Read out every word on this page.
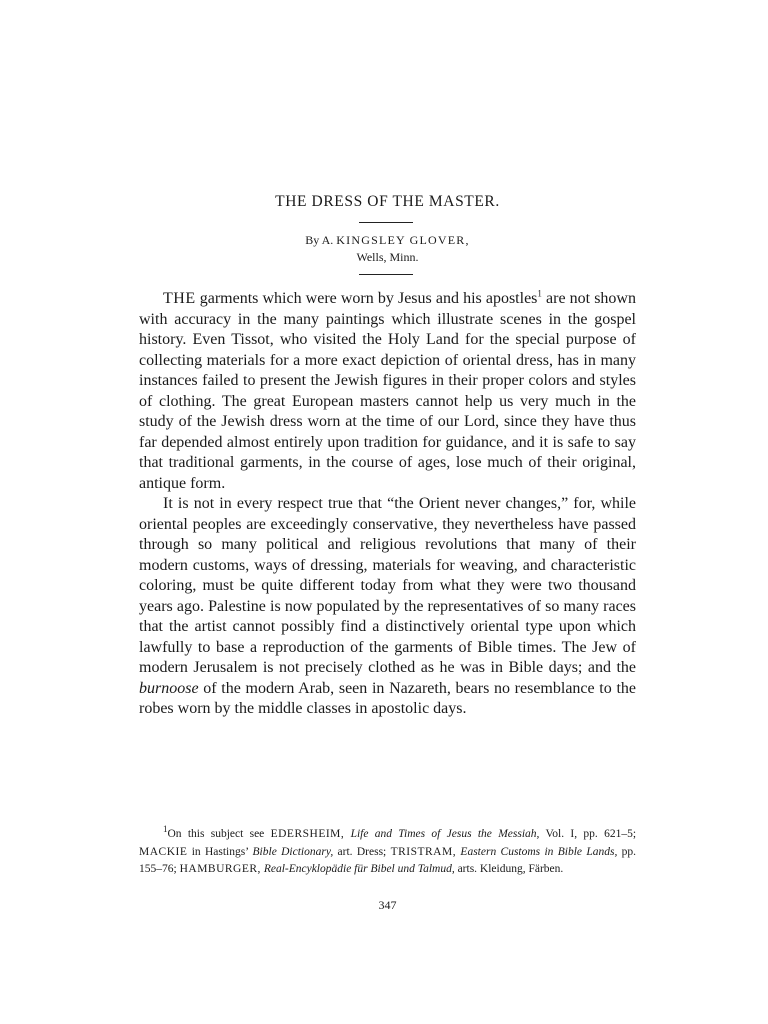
THE DRESS OF THE MASTER.
By A. KINGSLEY GLOVER,
Wells, Minn.

THE garments which were worn by Jesus and his apostles$^1$ are not shown with accuracy in the many paintings which illustrate scenes in the gospel history. Even Tissot, who visited the Holy Land for the special purpose of collecting materials for a more exact depiction of oriental dress, has in many instances failed to present the Jewish figures in their proper colors and styles of clothing. The great European masters cannot help us very much in the study of the Jewish dress worn at the time of our Lord, since they have thus far depended almost entirely upon tradition for guidance, and it is safe to say that traditional garments, in the course of ages, lose much of their original, antique form.

It is not in every respect true that “the Orient never changes,” for, while oriental peoples are exceedingly conservative, they nevertheless have passed through so many political and religious revolutions that many of their modern customs, ways of dressing, materials for weaving, and characteristic coloring, must be quite different today from what they were two thousand years ago. Palestine is now populated by the representatives of so many races that the artist cannot possibly find a distinctively oriental type upon which lawfully to base a reproduction of the garments of Bible times. The Jew of modern Jerusalem is not precisely clothed as he was in Bible days; and the burnoose of the modern Arab, seen in Nazareth, bears no resemblance to the robes worn by the middle classes in apostolic days.

$^1$On this subject see EDERSHEIM, Life and Times of Jesus the Messiah, Vol. I, pp. 621–5; MACKIE in Hastings’ Bible Dictionary, art. Dress; TRISTRAM, Eastern Customs in Bible Lands, pp. 155–76; HAMBURGER, Real-Encyklopädie für Bibel und Talmud, arts. Kleidung, Färben.
347
